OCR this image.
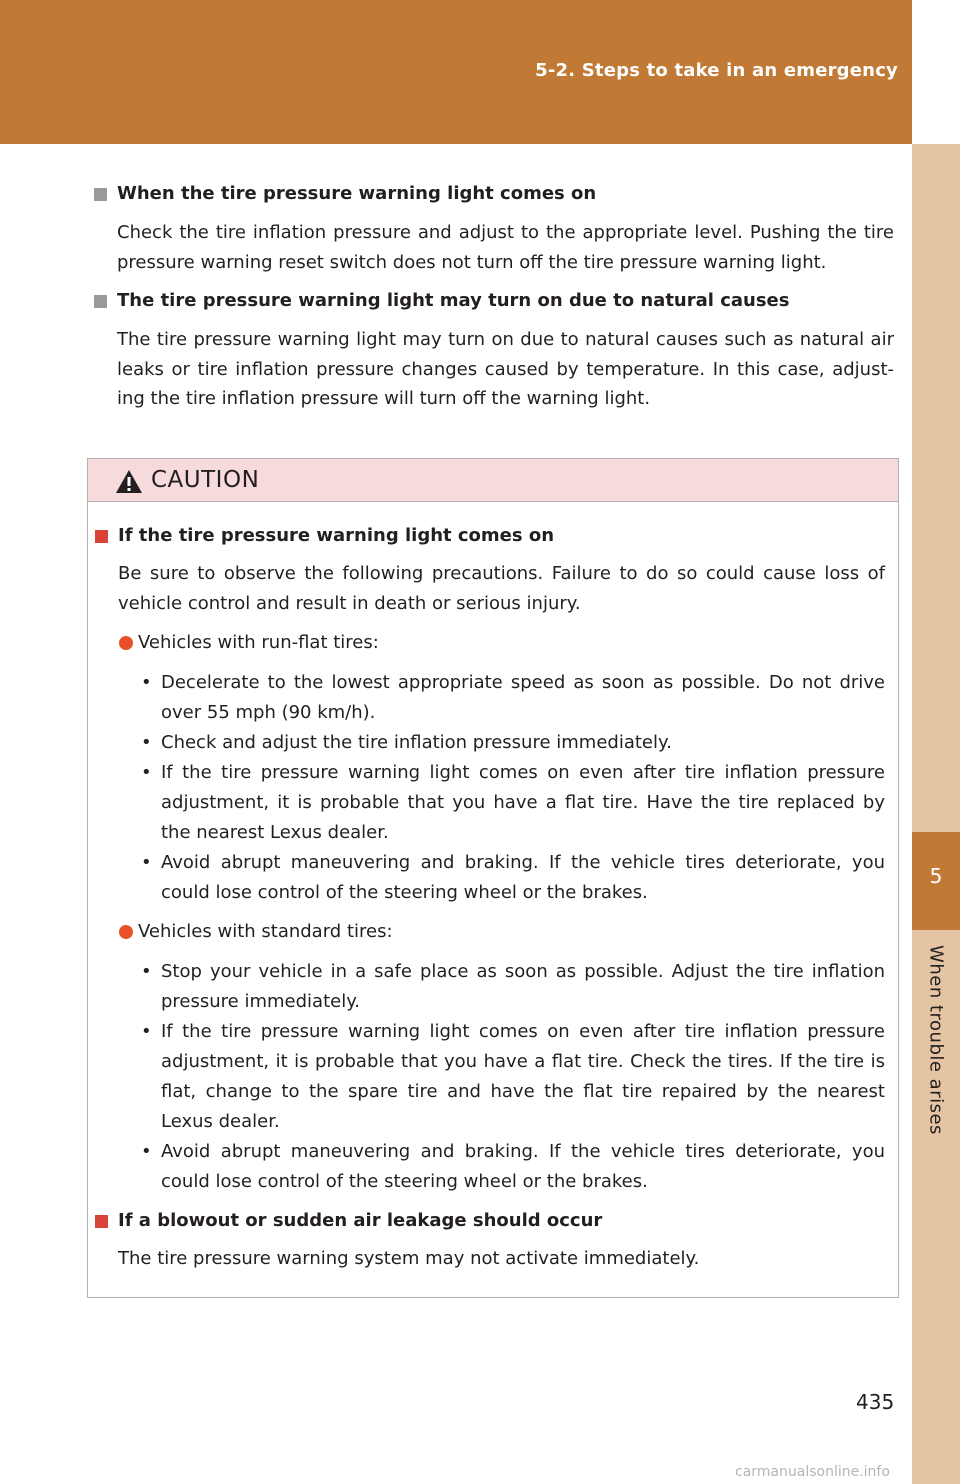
5-2. Steps to take in an emergency
5
When trouble arises
When the tire pressure warning light comes on
Check the tire inflation pressure and adjust to the appropriate level. Pushing the tire pressure warning reset switch does not turn off the tire pressure warning light.
The tire pressure warning light may turn on due to natural causes
The tire pressure warning light may turn on due to natural causes such as natural air leaks or tire inflation pressure changes caused by temperature. In this case, adjust-ing the tire inflation pressure will turn off the warning light.
CAUTION
If the tire pressure warning light comes on
Be sure to observe the following precautions. Failure to do so could cause loss of vehicle control and result in death or serious injury.
Vehicles with run-flat tires:
• Decelerate to the lowest appropriate speed as soon as possible. Do not drive over 55 mph (90 km/h).
• Check and adjust the tire inflation pressure immediately.
• If the tire pressure warning light comes on even after tire inflation pressure adjustment, it is probable that you have a flat tire. Have the tire replaced by the nearest Lexus dealer.
• Avoid abrupt maneuvering and braking. If the vehicle tires deteriorate, you could lose control of the steering wheel or the brakes.
Vehicles with standard tires:
• Stop your vehicle in a safe place as soon as possible. Adjust the tire inflation pressure immediately.
• If the tire pressure warning light comes on even after tire inflation pressure adjustment, it is probable that you have a flat tire. Check the tires. If the tire is flat, change to the spare tire and have the flat tire repaired by the nearest Lexus dealer.
• Avoid abrupt maneuvering and braking. If the vehicle tires deteriorate, you could lose control of the steering wheel or the brakes.
If a blowout or sudden air leakage should occur
The tire pressure warning system may not activate immediately.
435
carmanualsonline.info
